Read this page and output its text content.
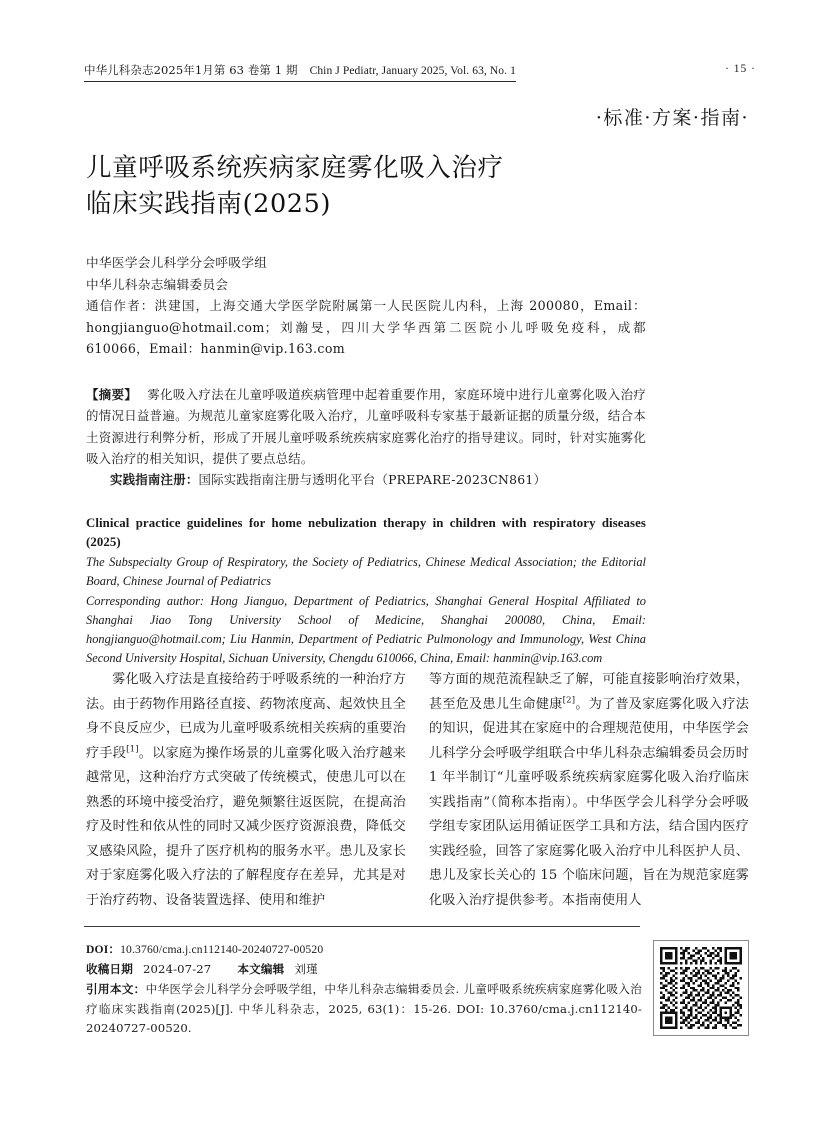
中华儿科杂志2025年1月第 63 卷第 1 期 Chin J Pediatr, January 2025, Vol. 63, No. 1	· 15 ·
·标准·方案·指南·
儿童呼吸系统疾病家庭雾化吸入治疗
临床实践指南(2025)
中华医学会儿科学分会呼吸学组
中华儿科杂志编辑委员会
通信作者：洪建国，上海交通大学医学院附属第一人民医院儿内科，上海 200080，Email：hongjianguo@hotmail.com；刘瀚旻，四川大学华西第二医院小儿呼吸免疫科，成都 610066，Email：hanmin@vip.163.com
【摘要】 雾化吸入疗法在儿童呼吸道疾病管理中起着重要作用，家庭环境中进行儿童雾化吸入治疗的情况日益普遍。为规范儿童家庭雾化吸入治疗，儿童呼吸科专家基于最新证据的质量分级，结合本土资源进行利弊分析，形成了开展儿童呼吸系统疾病家庭雾化治疗的指导建议。同时，针对实施雾化吸入治疗的相关知识，提供了要点总结。
实践指南注册：国际实践指南注册与透明化平台（PREPARE-2023CN861）
Clinical practice guidelines for home nebulization therapy in children with respiratory diseases (2025)
The Subspecialty Group of Respiratory, the Society of Pediatrics, Chinese Medical Association; the Editorial Board, Chinese Journal of Pediatrics
Corresponding author: Hong Jianguo, Department of Pediatrics, Shanghai General Hospital Affiliated to Shanghai Jiao Tong University School of Medicine, Shanghai 200080, China, Email: hongjianguo@hotmail.com; Liu Hanmin, Department of Pediatric Pulmonology and Immunology, West China Second University Hospital, Sichuan University, Chengdu 610066, China, Email: hanmin@vip.163.com

雾化吸入疗法是直接给药于呼吸系统的一种治疗方法。由于药物作用路径直接、药物浓度高、起效快且全身不良反应少，已成为儿童呼吸系统相关疾病的重要治疗手段[1]。以家庭为操作场景的儿童雾化吸入治疗越来越常见，这种治疗方式突破了传统模式，使患儿可以在熟悉的环境中接受治疗，避免频繁往返医院，在提高治疗及时性和依从性的同时又减少医疗资源浪费，降低交叉感染风险，提升了医疗机构的服务水平。患儿及家长对于家庭雾化吸入疗法的了解程度存在差异，尤其是对于治疗药物、设备装置选择、使用和维护

等方面的规范流程缺乏了解，可能直接影响治疗效果，甚至危及患儿生命健康[2]。为了普及家庭雾化吸入疗法的知识，促进其在家庭中的合理规范使用，中华医学会儿科学分会呼吸学组联合中华儿科杂志编辑委员会历时 1 年半制订“儿童呼吸系统疾病家庭雾化吸入治疗临床实践指南”（简称本指南）。中华医学会儿科学分会呼吸学组专家团队运用循证医学工具和方法，结合国内医疗实践经验，回答了家庭雾化吸入治疗中儿科医护人员、患儿及家长关心的 15 个临床问题，旨在为规范家庭雾化吸入治疗提供参考。本指南使用人

DOI：10.3760/cma.j.cn112140-20240727-00520
收稿日期 2024-07-27 本文编辑 刘瑾
引用本文：中华医学会儿科学分会呼吸学组，中华儿科杂志编辑委员会. 儿童呼吸系统疾病家庭雾化吸入治疗临床实践指南(2025)[J]. 中华儿科杂志，2025, 63(1)：15-26. DOI: 10.3760/cma.j.cn112140-20240727-00520.
